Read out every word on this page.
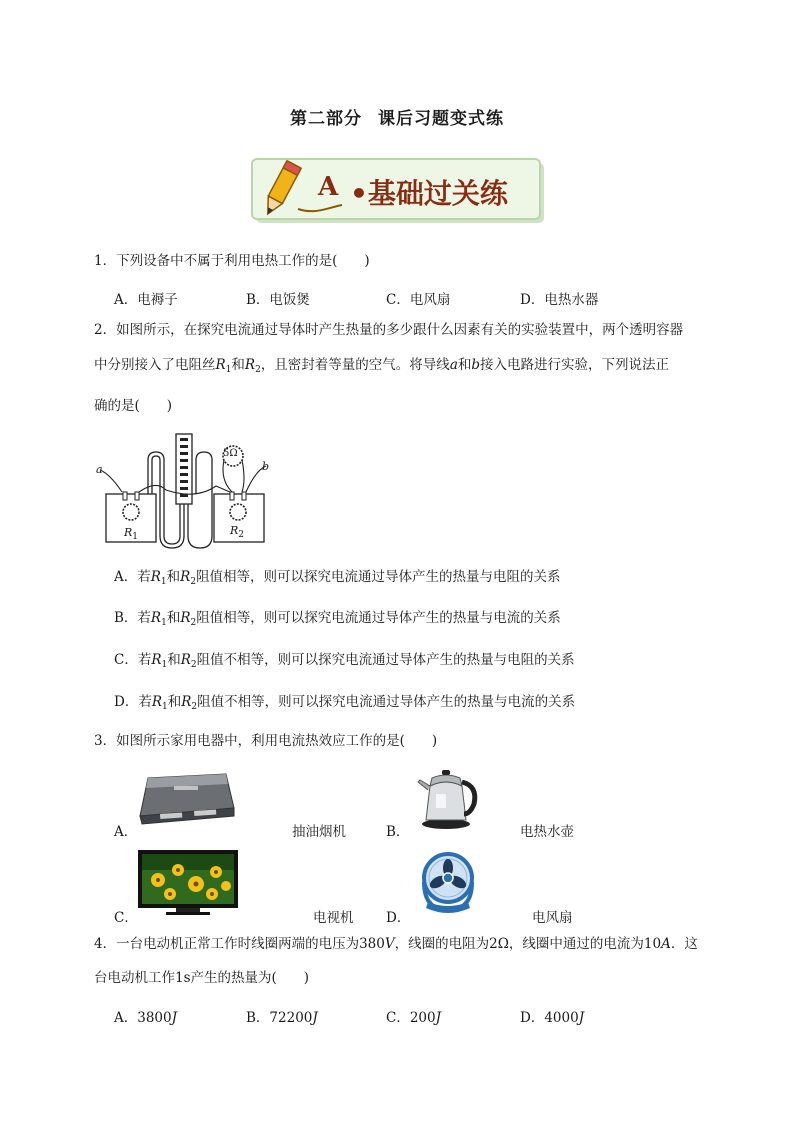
第二部分 课后习题变式练
A •基础过关练
1．下列设备中不属于利用电热工作的是(　　)
A．电褥子	B．电饭煲	C．电风扇	D．电热水器
2．如图所示，在探究电流通过导体时产生热量的多少跟什么因素有关的实验装置中，两个透明容器
中分别接入了电阻丝$R_1$和$R_2$，且密封着等量的空气。将导线a和b接入电路进行实验，下列说法正
确的是(　　)
a	b
5Ω
$R_1$	$R_2$
A．若$R_1$和$R_2$阻值相等，则可以探究电流通过导体产生的热量与电阻的关系
B．若$R_1$和$R_2$阻值相等，则可以探究电流通过导体产生的热量与电流的关系
C．若$R_1$和$R_2$阻值不相等，则可以探究电流通过导体产生的热量与电阻的关系
D．若$R_1$和$R_2$阻值不相等，则可以探究电流通过导体产生的热量与电流的关系
3．如图所示家用电器中，利用电流热效应工作的是(　　)
A．	抽油烟机	B．	电热水壶
C．	电视机 D．	电风扇
4．一台电动机正常工作时线圈两端的电压为380V，线圈的电阻为2Ω，线圈中通过的电流为10A．这
台电动机工作1s产生的热量为(　　)
A．3800J	B．72200J	C．200J	D．4000J
